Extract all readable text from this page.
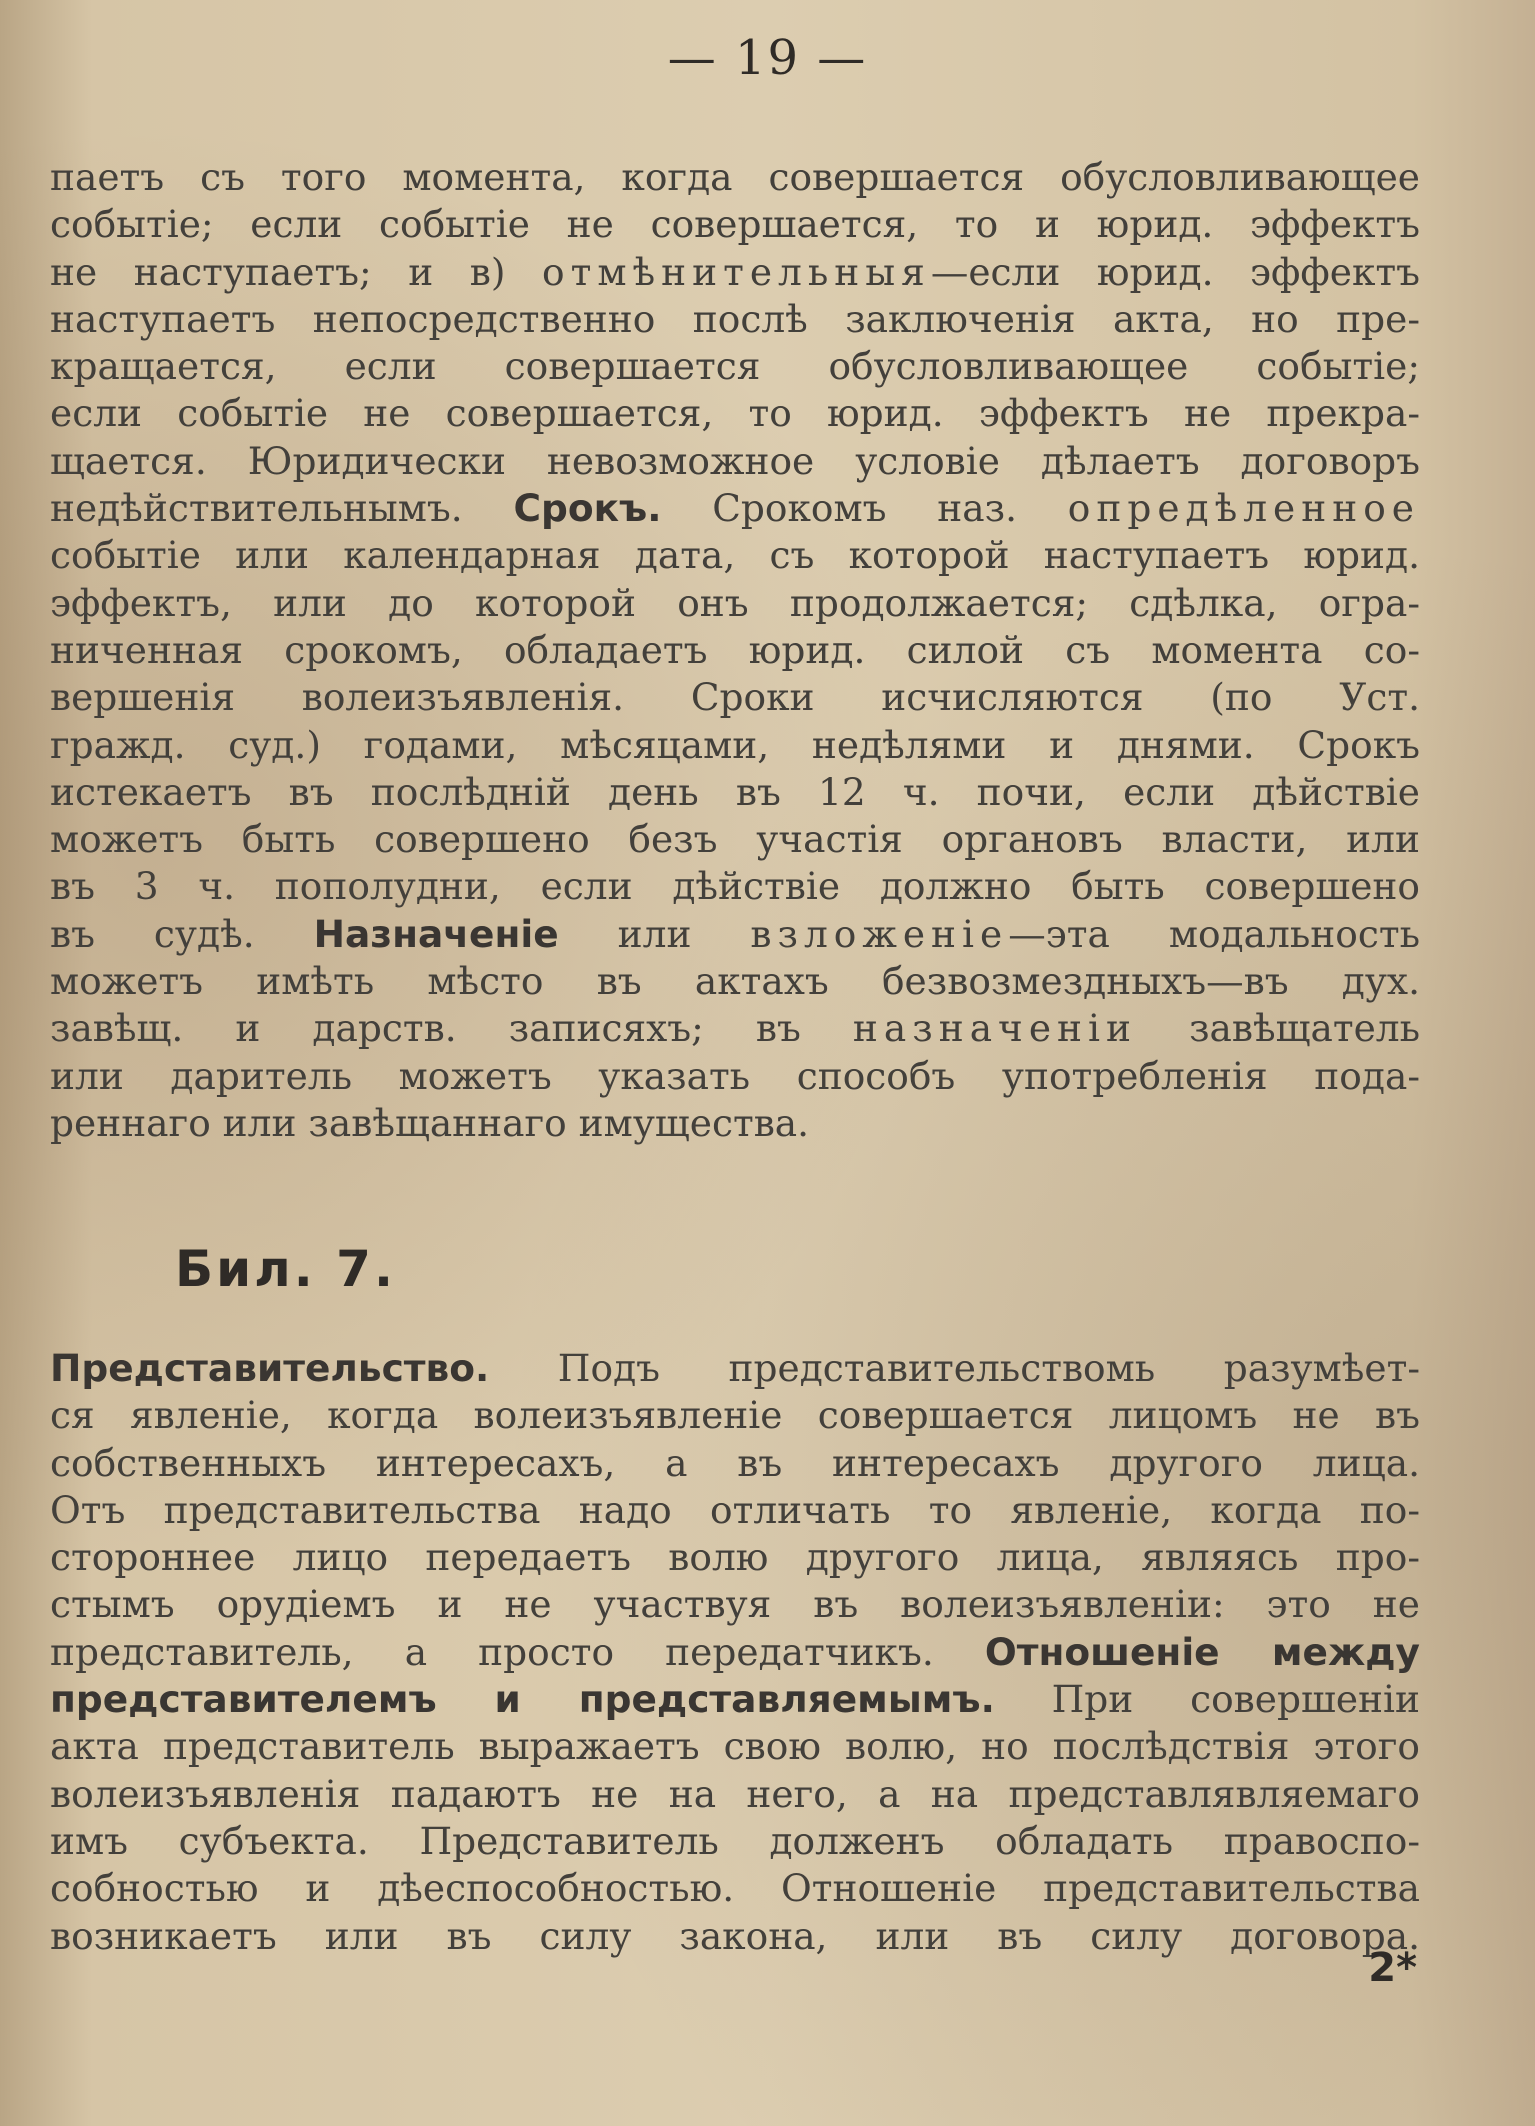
— 19 —
паетъ съ того момента, когда совершается обусловливающее
событіе; если событіе не совершается, то и юрид. эффектъ
не наступаетъ; и в) отмѣнительныя—если юрид. эффектъ
наступаетъ непосредственно послѣ заключенія акта, но пре-
кращается, если совершается обусловливающее событіе;
если событіе не совершается, то юрид. эффектъ не прекра-
щается. Юридически невозможное условіе дѣлаетъ договоръ
недѣйствительнымъ. Срокъ. Срокомъ наз. опредѣленное
событіе или календарная дата, съ которой наступаетъ юрид.
эффектъ, или до которой онъ продолжается; сдѣлка, огра-
ниченная срокомъ, обладаетъ юрид. силой съ момента со-
вершенія волеизъявленія. Сроки исчисляются (по Уст.
гражд. суд.) годами, мѣсяцами, недѣлями и днями. Срокъ
истекаетъ въ послѣдній день въ 12 ч. почи, если дѣйствіе
можетъ быть совершено безъ участія органовъ власти, или
въ 3 ч. пополудни, если дѣйствіе должно быть совершено
въ судѣ. Назначеніе или взложеніе—эта модальность
можетъ имѣть мѣсто въ актахъ безвозмездныхъ—въ дух.
завѣщ. и дарств. записяхъ; въ назначеніи завѣщатель
или даритель можетъ указать способъ употребленія пода-
реннаго или завѣщаннаго имущества.
Бил. 7.
Представительство. Подъ представительствомь разумѣет-
ся явленіе, когда волеизъявленіе совершается лицомъ не въ
собственныхъ интересахъ, а въ интересахъ другого лица.
Отъ представительства надо отличать то явленіе, когда по-
стороннее лицо передаетъ волю другого лица, являясь про-
стымъ орудіемъ и не участвуя въ волеизъявленіи: это не
представитель, а просто передатчикъ. Отношеніе между
представителемъ и представляемымъ. При совершеніи
акта представитель выражаетъ свою волю, но послѣдствія этого
волеизъявленія падаютъ не на него, а на представлявляемаго
имъ субъекта. Представитель долженъ обладать правоспо-
собностью и дѣеспособностью. Отношеніе представительства
возникаетъ или въ силу закона, или въ силу договора.
2*
